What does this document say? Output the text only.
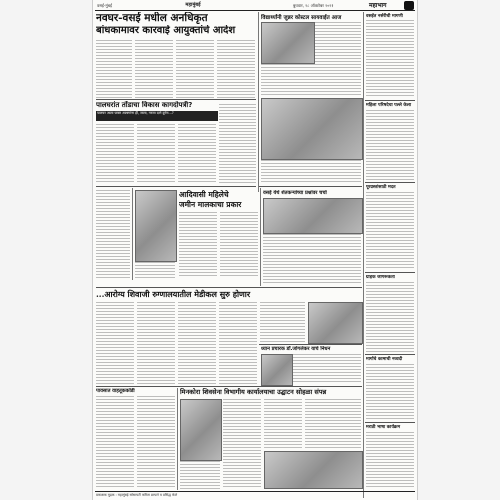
वसई-मुंबई	महामुंबई	बुधवार, २८ ऑक्टोबर २०२१	महाभाग
नवघर-वसई मधील अनधिकृत
बांधकामावर कारवाई आयुक्तांचे आदेश
पालघरांत तोंडाचा विकास कागदोपत्री?
पालघर आता फक्त अश्वगांना ही, जाता, गरजा दाने दुर्गम...?
विद्यार्थ्यांनी जुन्नर कोस्टल सायवाईत आज	वसईत नर्सरीची मागणी
महिला परिषदेचा पल्ले केला
पूरग्रस्तांसाठी मदत
ग्राहक जागरूकता
मार्गाचे कामाची नव्वदी
मराठी भाषा कार्यक्रम
आदिवासी महिलेचे
जमीन मालकाचा प्रकार
वसई येथे शेतकऱ्यांच्या प्रश्नांवर चर्चा
...आरोग्य शिवाजी रुग्णालयातील मेडीकल सुरु होणार
ध्यान प्रचारक डॉ.जोगलेकर याचे निधन
पावसात वाहतूककोंडी	मिनकोरा शिवसेना विभागीय कार्यालयाचा उद्घाटन सोहळा संपन्न
प्रकाशक मुद्रक : महामुंबई सोसायटी करिता छापले व प्रसिद्ध केले
